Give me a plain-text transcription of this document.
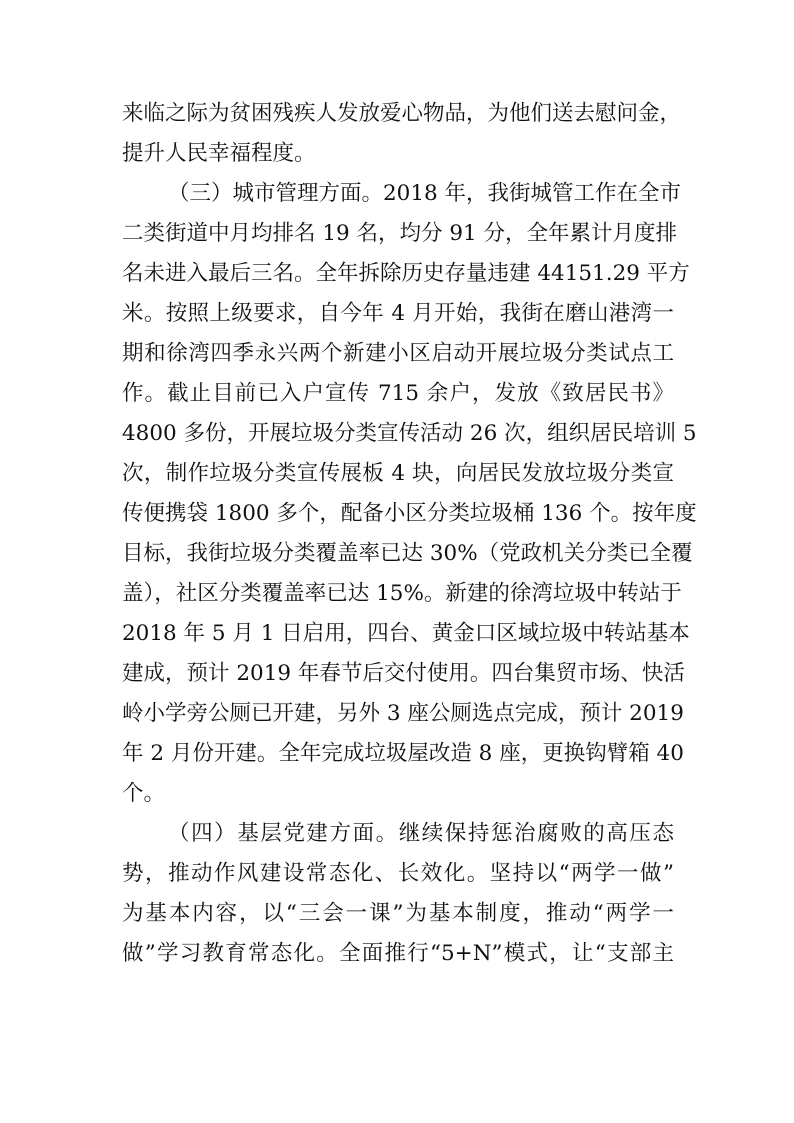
来临之际为贫困残疾人发放爱心物品，为他们送去慰问金，
提升人民幸福程度。
（三）城市管理方面。2018 年，我街城管工作在全市
二类街道中月均排名 19 名，均分 91 分，全年累计月度排
名未进入最后三名。全年拆除历史存量违建 44151.29 平方
米。按照上级要求，自今年 4 月开始，我街在磨山港湾一
期和徐湾四季永兴两个新建小区启动开展垃圾分类试点工
作。截止目前已入户宣传 715 余户，发放《致居民书》
4800 多份，开展垃圾分类宣传活动 26 次，组织居民培训 5
次，制作垃圾分类宣传展板 4 块，向居民发放垃圾分类宣
传便携袋 1800 多个，配备小区分类垃圾桶 136 个。按年度
目标，我街垃圾分类覆盖率已达 30%（党政机关分类已全覆
盖），社区分类覆盖率已达 15%。新建的徐湾垃圾中转站于
2018 年 5 月 1 日启用，四台、黄金口区域垃圾中转站基本
建成，预计 2019 年春节后交付使用。四台集贸市场、快活
岭小学旁公厕已开建，另外 3 座公厕选点完成，预计 2019
年 2 月份开建。全年完成垃圾屋改造 8 座，更换钩臂箱 40
个。
（四）基层党建方面。继续保持惩治腐败的高压态
势，推动作风建设常态化、长效化。坚持以“两学一做”
为基本内容，以“三会一课”为基本制度，推动“两学一
做”学习教育常态化。全面推行“5+N”模式，让“支部主
